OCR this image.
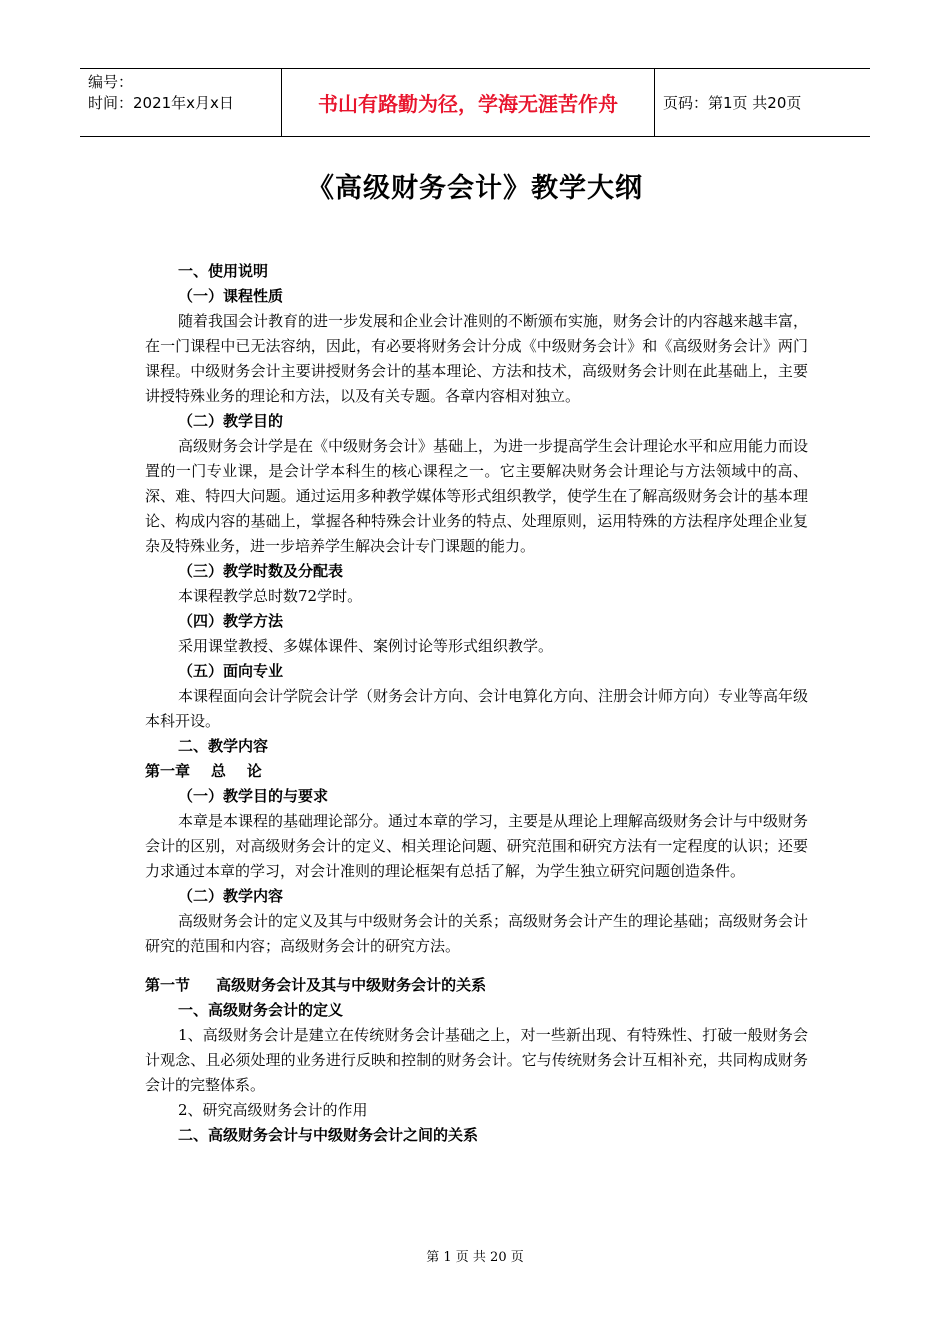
编号：
时间：2021年x月x日	书山有路勤为径，学海无涯苦作舟	页码：第1页 共20页
《高级财务会计》教学大纲

一、使用说明

（一）课程性质

随着我国会计教育的进一步发展和企业会计准则的不断颁布实施，财务会计的内容越来越丰富，在一门课程中已无法容纳，因此，有必要将财务会计分成《中级财务会计》和《高级财务会计》两门课程。中级财务会计主要讲授财务会计的基本理论、方法和技术，高级财务会计则在此基础上，主要讲授特殊业务的理论和方法，以及有关专题。各章内容相对独立。

（二）教学目的

高级财务会计学是在《中级财务会计》基础上，为进一步提高学生会计理论水平和应用能力而设置的一门专业课，是会计学本科生的核心课程之一。它主要解决财务会计理论与方法领域中的高、深、难、特四大问题。通过运用多种教学媒体等形式组织教学，使学生在了解高级财务会计的基本理论、构成内容的基础上，掌握各种特殊会计业务的特点、处理原则，运用特殊的方法程序处理企业复杂及特殊业务，进一步培养学生解决会计专门课题的能力。

（三）教学时数及分配表

本课程教学总时数72学时。

（四）教学方法

采用课堂教授、多媒体课件、案例讨论等形式组织教学。

（五）面向专业

本课程面向会计学院会计学（财务会计方向、会计电算化方向、注册会计师方向）专业等高年级本科开设。

二、教学内容

第一章    总    论

（一）教学目的与要求

本章是本课程的基础理论部分。通过本章的学习，主要是从理论上理解高级财务会计与中级财务会计的区别，对高级财务会计的定义、相关理论问题、研究范围和研究方法有一定程度的认识；还要力求通过本章的学习，对会计准则的理论框架有总括了解，为学生独立研究问题创造条件。

（二）教学内容

高级财务会计的定义及其与中级财务会计的关系；高级财务会计产生的理论基础；高级财务会计研究的范围和内容；高级财务会计的研究方法。

第一节     高级财务会计及其与中级财务会计的关系

一、高级财务会计的定义

1、高级财务会计是建立在传统财务会计基础之上，对一些新出现、有特殊性、打破一般财务会计观念、且必须处理的业务进行反映和控制的财务会计。它与传统财务会计互相补充，共同构成财务会计的完整体系。

2、研究高级财务会计的作用

二、高级财务会计与中级财务会计之间的关系

第 1 页 共 20 页
